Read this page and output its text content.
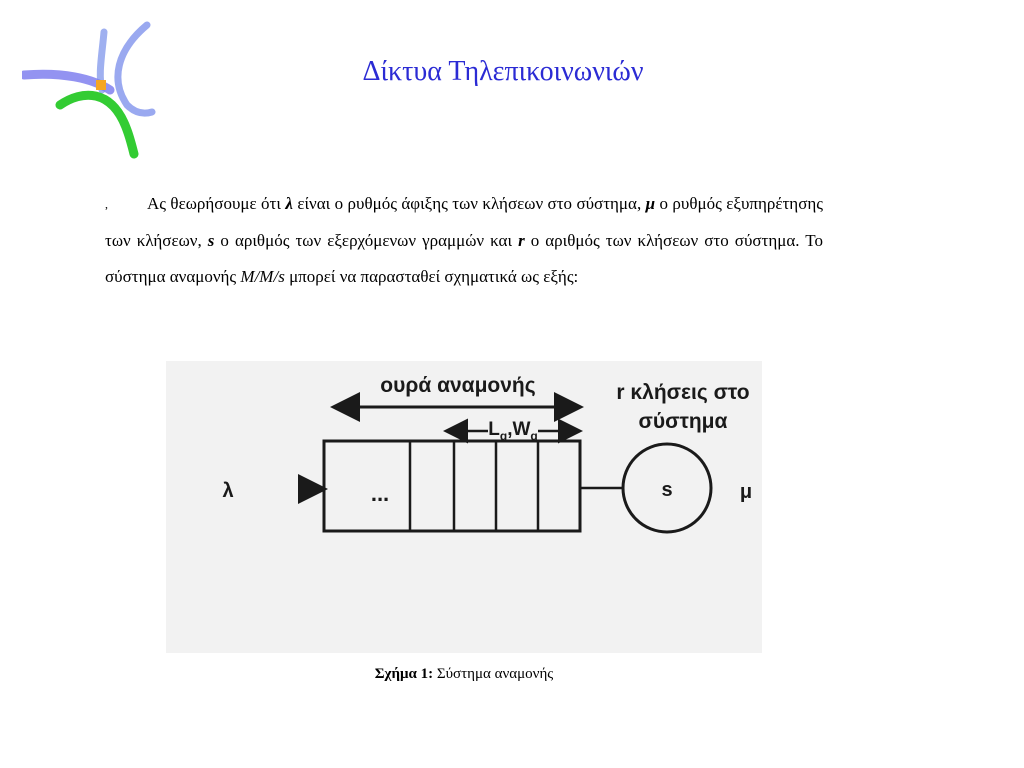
Δίκτυα Τηλεπικοινωνιών
, Ας θεωρήσουμε ότι λ είναι ο ρυθμός άφιξης των κλήσεων στο σύστημα, μ ο ρυθμός εξυπηρέτησης των κλήσεων, s ο αριθμός των εξερχόμενων γραμμών και r ο αριθμός των κλήσεων στο σύστημα. Το σύστημα αναμονής M/M/s μπορεί να παρασταθεί σχηματικά ως εξής:
ουρά αναμονής	r κλήσεις στο
σύστημα
$L_q,W_q$
λ	...	s	μ
Σχήμα 1: Σύστημα αναμονής
